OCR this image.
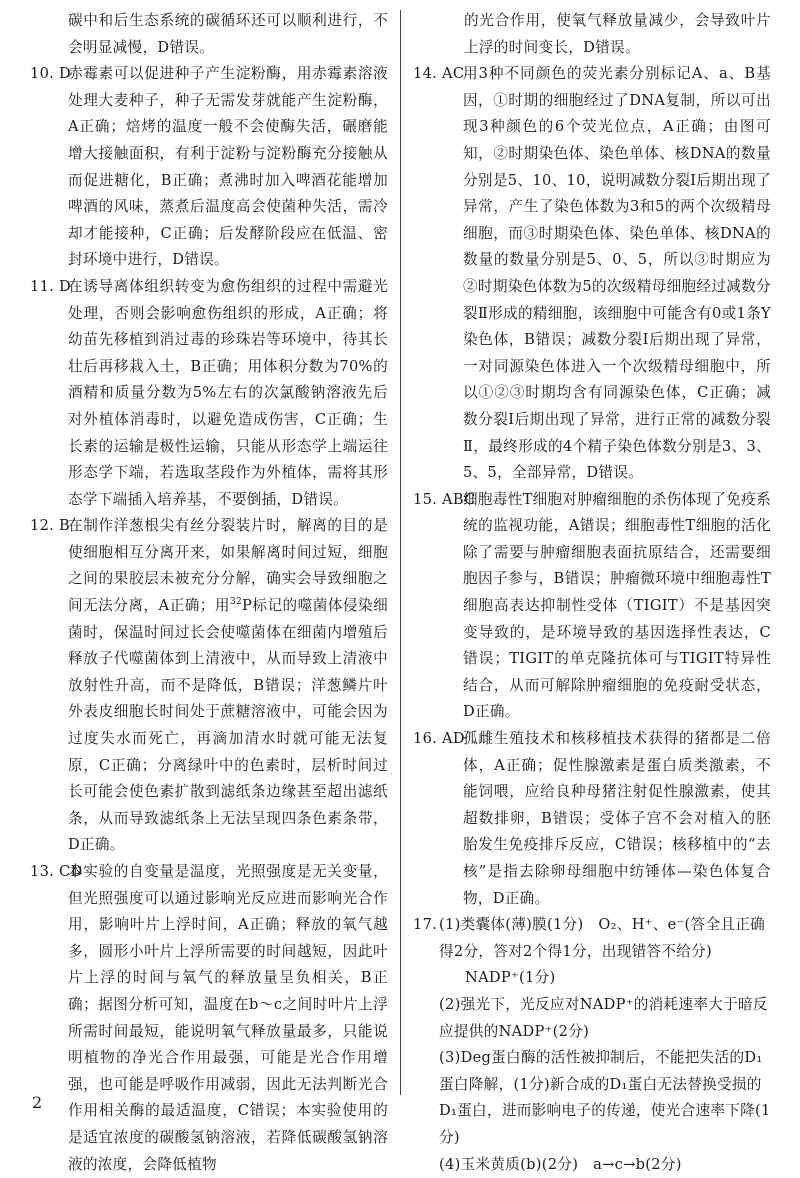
碳中和后生态系统的碳循环还可以顺利进行，不会明显减慢，D错误。
10. D
赤霉素可以促进种子产生淀粉酶，用赤霉素溶液处理大麦种子，种子无需发芽就能产生淀粉酶，A正确；焙烤的温度一般不会使酶失活，碾磨能增大接触面积，有利于淀粉与淀粉酶充分接触从而促进糖化，B正确；煮沸时加入啤酒花能增加啤酒的风味，蒸煮后温度高会使菌种失活，需冷却才能接种，C正确；后发酵阶段应在低温、密封环境中进行，D错误。
11. D
在诱导离体组织转变为愈伤组织的过程中需避光处理，否则会影响愈伤组织的形成，A正确；将幼苗先移植到消过毒的珍珠岩等环境中，待其长壮后再移栽入土，B正确；用体积分数为70%的酒精和质量分数为5%左右的次氯酸钠溶液先后对外植体消毒时，以避免造成伤害，C正确；生长素的运输是极性运输，只能从形态学上端运往形态学下端，若选取茎段作为外植体，需将其形态学下端插入培养基，不要倒插，D错误。
12. B
在制作洋葱根尖有丝分裂装片时，解离的目的是使细胞相互分离开来，如果解离时间过短，细胞之间的果胶层未被充分分解，确实会导致细胞之间无法分离，A正确；用$^{32}$P标记的噬菌体侵染细菌时，保温时间过长会使噬菌体在细菌内增殖后释放子代噬菌体到上清液中，从而导致上清液中放射性升高，而不是降低，B错误；洋葱鳞片叶外表皮细胞长时间处于蔗糖溶液中，可能会因为过度失水而死亡，再滴加清水时就可能无法复原，C正确；分离绿叶中的色素时，层析时间过长可能会使色素扩散到滤纸条边缘甚至超出滤纸条，从而导致滤纸条上无法呈现四条色素条带，D正确。
13. CD
本实验的自变量是温度，光照强度是无关变量，但光照强度可以通过影响光反应进而影响光合作用，影响叶片上浮时间，A正确；释放的氧气越多，圆形小叶片上浮所需要的时间越短，因此叶片上浮的时间与氧气的释放量呈负相关，B正确；据图分析可知，温度在b～c之间时叶片上浮所需时间最短，能说明氧气释放量最多，只能说明植物的净光合作用最强，可能是光合作用增强，也可能是呼吸作用减弱，因此无法判断光合作用相关酶的最适温度，C错误；本实验使用的是适宜浓度的碳酸氢钠溶液，若降低碳酸氢钠溶液的浓度，会降低植物
的光合作用，使氧气释放量减少，会导致叶片上浮的时间变长，D错误。
14. AC
用3种不同颜色的荧光素分别标记A、a、B基因，①时期的细胞经过了DNA复制，所以可出现3种颜色的6个荧光位点，A正确；由图可知，②时期染色体、染色单体、核DNA的数量分别是5、10、10，说明减数分裂Ⅰ后期出现了异常，产生了染色体数为3和5的两个次级精母细胞，而③时期染色体、染色单体、核DNA的数量的数量分别是5、0、5，所以③时期应为②时期染色体数为5的次级精母细胞经过减数分裂Ⅱ形成的精细胞，该细胞中可能含有0或1条Y染色体，B错误；减数分裂Ⅰ后期出现了异常，一对同源染色体进入一个次级精母细胞中，所以①②③时期均含有同源染色体，C正确；减数分裂Ⅰ后期出现了异常，进行正常的减数分裂Ⅱ，最终形成的4个精子染色体数分别是3、3、5、5，全部异常，D错误。
15. ABC
细胞毒性T细胞对肿瘤细胞的杀伤体现了免疫系统的监视功能，A错误；细胞毒性T细胞的活化除了需要与肿瘤细胞表面抗原结合，还需要细胞因子参与，B错误；肿瘤微环境中细胞毒性T细胞高表达抑制性受体（TIGIT）不是基因突变导致的，是环境导致的基因选择性表达，C错误；TIGIT的单克隆抗体可与TIGIT特异性结合，从而可解除肿瘤细胞的免疫耐受状态，D正确。
16. AD
孤雌生殖技术和核移植技术获得的猪都是二倍体，A正确；促性腺激素是蛋白质类激素，不能饲喂，应给良种母猪注射促性腺激素，使其超数排卵，B错误；受体子宫不会对植入的胚胎发生免疫排斥反应，C错误；核移植中的“去核”是指去除卵母细胞中纺锤体—染色体复合物，D正确。
17. (1)类囊体(薄)膜(1分)　O₂、H⁺、e⁻(答全且正确得2分，答对2个得1分，出现错答不给分)
NADP⁺(1分)
(2)强光下，光反应对NADP⁺的消耗速率大于暗反应提供的NADP⁺(2分)
(3)Deg蛋白酶的活性被抑制后，不能把失活的D₁蛋白降解，(1分)新合成的D₁蛋白无法替换受损的D₁蛋白，进而影响电子的传递，使光合速率下降(1分)
(4)玉米黄质(b)(2分)　a→c→b(2分)
2
